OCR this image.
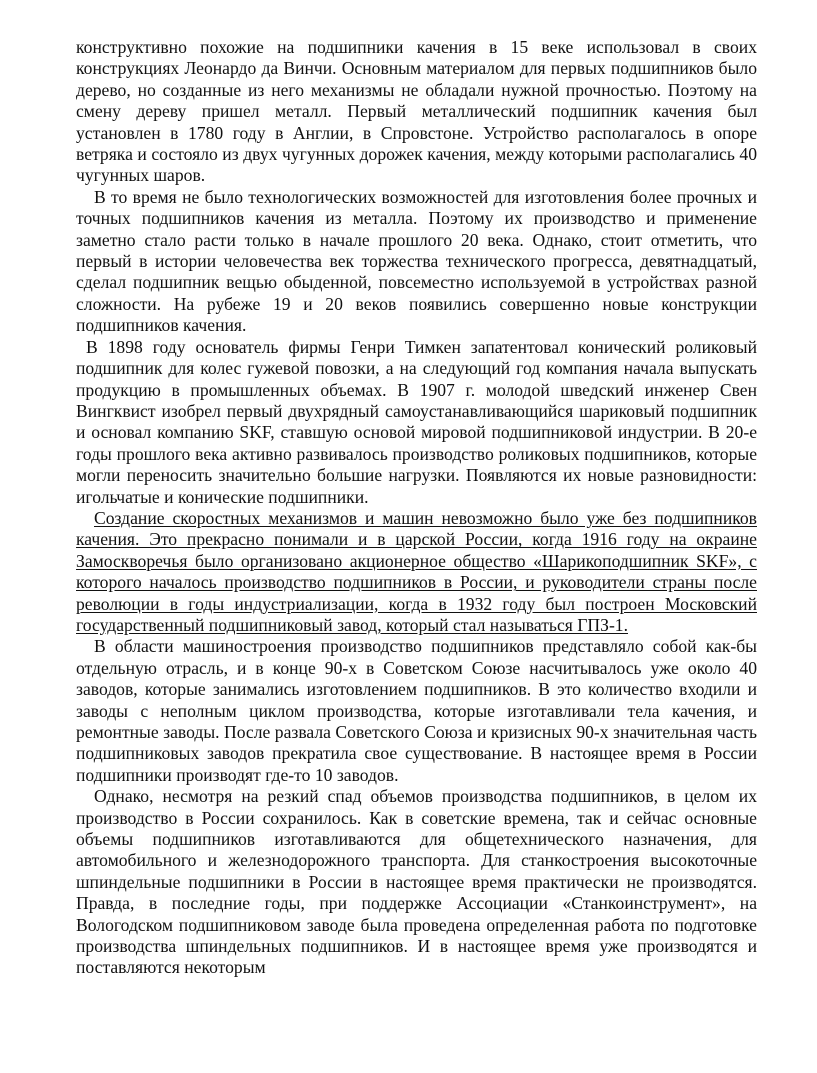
конструктивно похожие на подшипники качения в 15 веке использовал в своих конструкциях Леонардо да Винчи. Основным материалом для первых подшипников было дерево, но созданные из него механизмы не обладали нужной прочностью. Поэтому на смену дереву пришел металл. Первый металлический подшипник качения был установлен в 1780 году в Англии, в Спровстоне. Устройство располагалось в опоре ветряка и состояло из двух чугунных дорожек качения, между которыми располагались 40 чугунных шаров.

В то время не было технологических возможностей для изготовления более прочных и точных подшипников качения из металла. Поэтому их производство и применение заметно стало расти только в начале прошлого 20 века. Однако, стоит отметить, что первый в истории человечества век торжества технического прогресса, девятнадцатый, сделал подшипник вещью обыденной, повсеместно используемой в устройствах разной сложности. На рубеже 19 и 20 веков появились совершенно новые конструкции подшипников качения.

В 1898 году основатель фирмы Генри Тимкен запатентовал конический роликовый подшипник для колес гужевой повозки, а на следующий год компания начала выпускать продукцию в промышленных объемах. В 1907 г. молодой шведский инженер Свен Вингквист изобрел первый двухрядный самоустанавливающийся шариковый подшипник и основал компанию SKF, ставшую основой мировой подшипниковой индустрии. В 20-е годы прошлого века активно развивалось производство роликовых подшипников, которые могли переносить значительно большие нагрузки. Появляются их новые разновидности: игольчатые и конические подшипники.

Создание скоростных механизмов и машин невозможно было уже без подшипников качения. Это прекрасно понимали и в царской России, когда 1916 году на окраине Замоскворечья было организовано акционерное общество «Шарикоподшипник SKF», с которого началось производство подшипников в России, и руководители страны после революции в годы индустриализации, когда в 1932 году был построен Московский государственный подшипниковый завод, который стал называться ГПЗ-1.

В области машиностроения производство подшипников представляло собой как-бы отдельную отрасль, и в конце 90-х в Советском Союзе насчитывалось уже около 40 заводов, которые занимались изготовлением подшипников. В это количество входили и заводы с неполным циклом производства, которые изготавливали тела качения, и ремонтные заводы. После развала Советского Союза и кризисных 90-х значительная часть подшипниковых заводов прекратила свое существование. В настоящее время в России подшипники производят где-то 10 заводов.

Однако, несмотря на резкий спад объемов производства подшипников, в целом их производство в России сохранилось. Как в советские времена, так и сейчас основные объемы подшипников изготавливаются для общетехнического назначения, для автомобильного и железнодорожного транспорта. Для станкостроения высокоточные шпиндельные подшипники в России в настоящее время практически не производятся. Правда, в последние годы, при поддержке Ассоциации «Станкоинструмент», на Вологодском подшипниковом заводе была проведена определенная работа по подготовке производства шпиндельных подшипников. И в настоящее время уже производятся и поставляются некоторым
